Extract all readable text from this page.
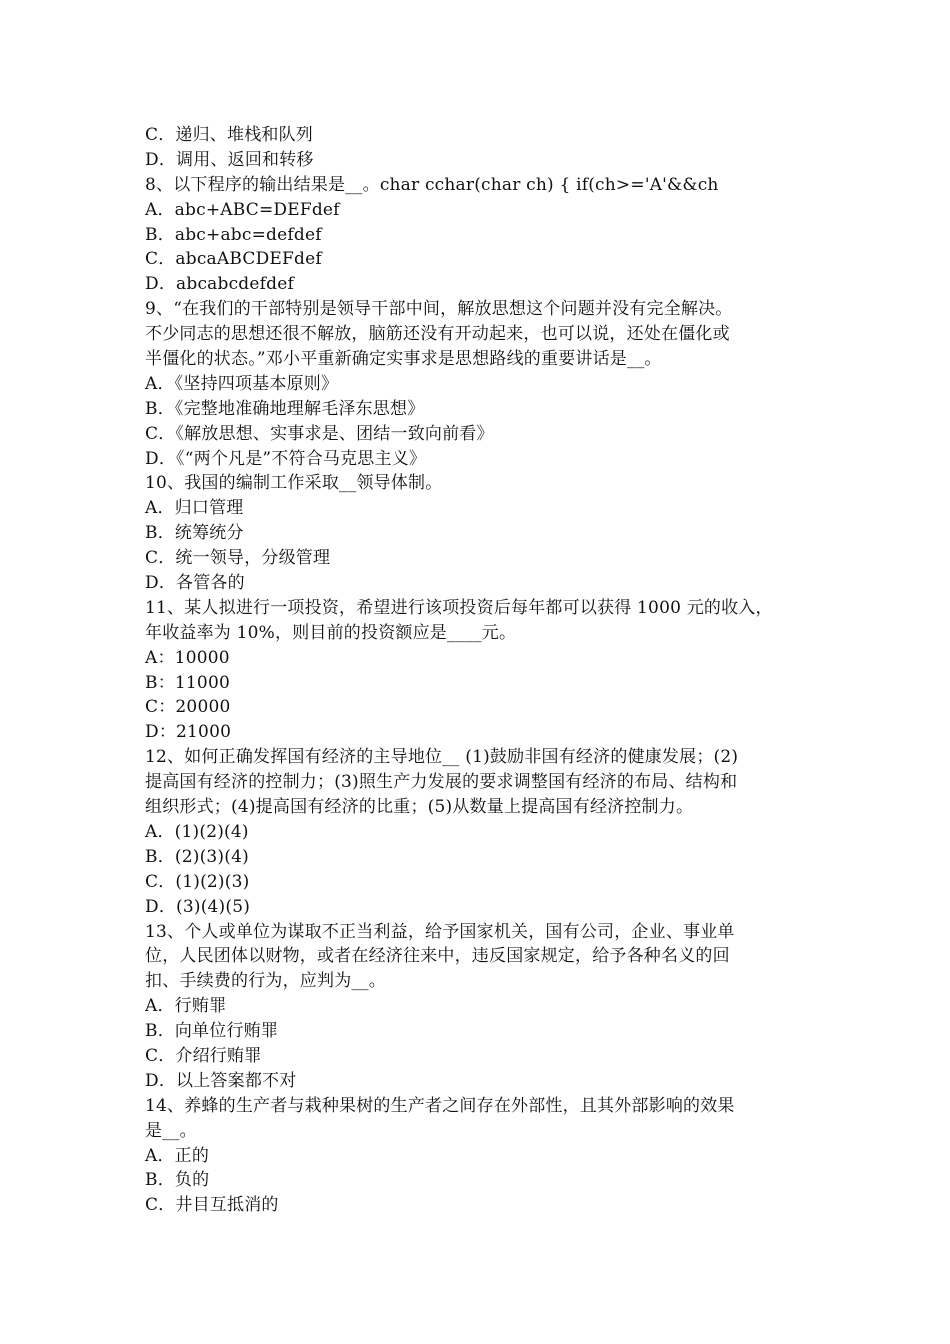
C．递归、堆栈和队列
D．调用、返回和转移
8、以下程序的输出结果是__。char cchar(char ch) { if(ch>='A'&&ch
A．abc+ABC=DEFdef
B．abc+abc=defdef
C．abcaABCDEFdef
D．abcabcdefdef
9、“在我们的干部特别是领导干部中间，解放思想这个问题并没有完全解决。
不少同志的思想还很不解放，脑筋还没有开动起来，也可以说，还处在僵化或
半僵化的状态。”邓小平重新确定实事求是思想路线的重要讲话是__。
A．《坚持四项基本原则》
B．《完整地准确地理解毛泽东思想》
C．《解放思想、实事求是、团结一致向前看》
D．《“两个凡是”不符合马克思主义》
10、我国的编制工作采取__领导体制。
A．归口管理
B．统筹统分
C．统一领导，分级管理
D．各管各的
11、某人拟进行一项投资，希望进行该项投资后每年都可以获得 1000 元的收入，
年收益率为 10%，则目前的投资额应是____元。
A：10000
B：11000
C：20000
D：21000
12、如何正确发挥国有经济的主导地位__ (1)鼓励非国有经济的健康发展；(2)
提高国有经济的控制力；(3)照生产力发展的要求调整国有经济的布局、结构和
组织形式；(4)提高国有经济的比重；(5)从数量上提高国有经济控制力。
A．(1)(2)(4)
B．(2)(3)(4)
C．(1)(2)(3)
D．(3)(4)(5)
13、个人或单位为谋取不正当利益，给予国家机关，国有公司，企业、事业单
位，人民团体以财物，或者在经济往来中，违反国家规定，给予各种名义的回
扣、手续费的行为，应判为__。
A．行贿罪
B．向单位行贿罪
C．介绍行贿罪
D．以上答案都不对
14、养蜂的生产者与栽种果树的生产者之间存在外部性，且其外部影响的效果
是__。
A．正的
B．负的
C．井目互抵消的
